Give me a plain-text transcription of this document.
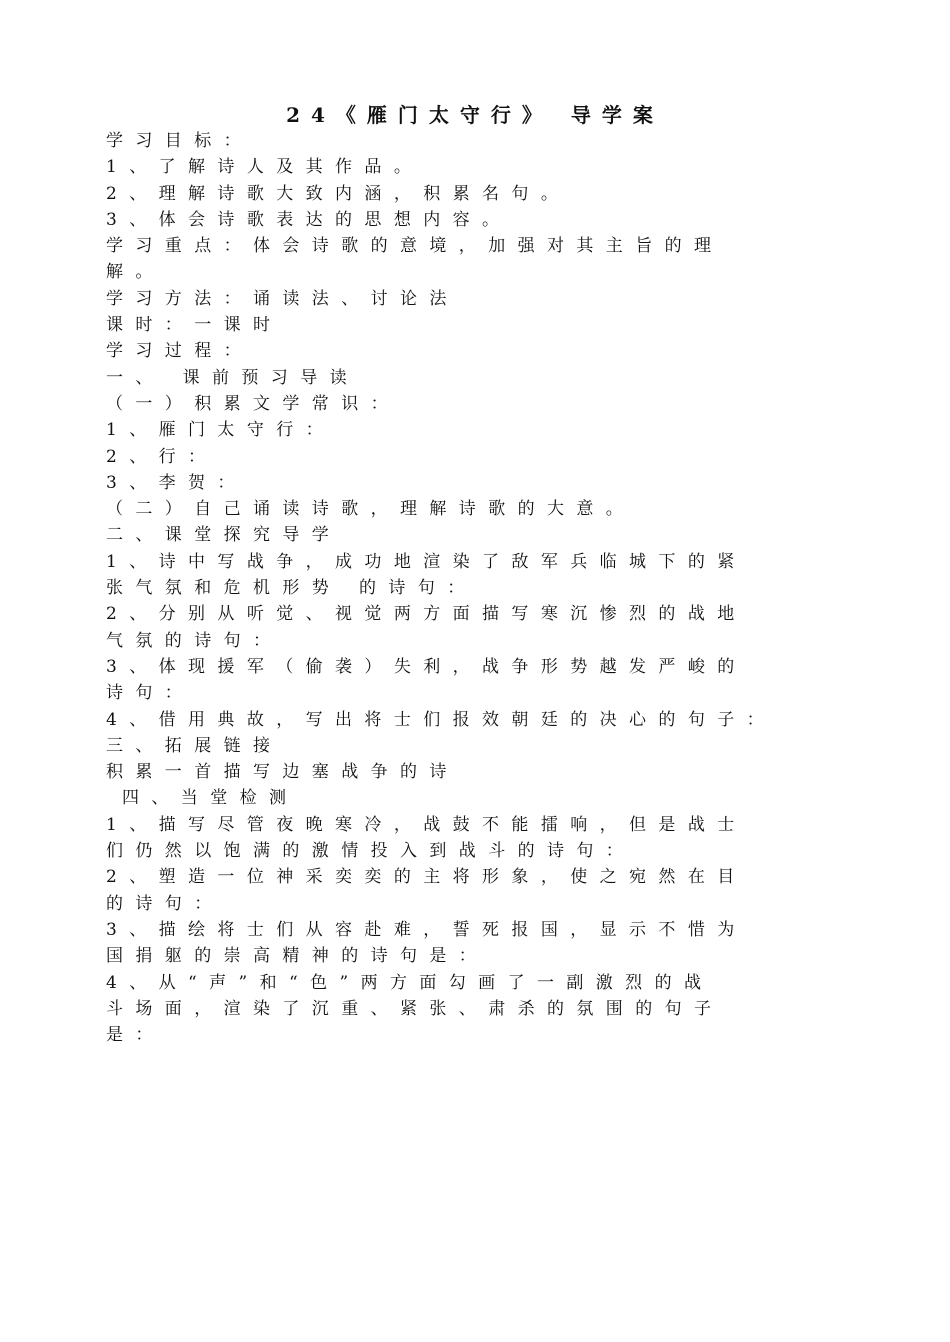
24《雁门太守行》 导学案
学习目标：
1、了解诗人及其作品。
2、理解诗歌大致内涵，积累名句。
3、体会诗歌表达的思想内容。
学习重点：体会诗歌的意境，加强对其主旨的理
解。
学习方法：诵读法、讨论法
课时：一课时
学习过程：
一、 课前预习导读
（一）积累文学常识：
1、雁门太守行：
2、行：
3、李贺：
（二）自己诵读诗歌，理解诗歌的大意。
二、课堂探究导学
1、诗中写战争，成功地渲染了敌军兵临城下的紧
张气氛和危机形势 的诗句：
2、分别从听觉、视觉两方面描写寒沉惨烈的战地
气氛的诗句：
3、体现援军（偷袭）失利，战争形势越发严峻的
诗句：
4、借用典故，写出将士们报效朝廷的决心的句子：
三、拓展链接
积累一首描写边塞战争的诗
四、当堂检测
1、描写尽管夜晚寒冷，战鼓不能擂响，但是战士
们仍然以饱满的激情投入到战斗的诗句：
2、塑造一位神采奕奕的主将形象，使之宛然在目
的诗句：
3、描绘将士们从容赴难，誓死报国，显示不惜为
国捐躯的崇高精神的诗句是：
4、从“声”和“色”两方面勾画了一副激烈的战
斗场面，渲染了沉重、紧张、肃杀的氛围的句子
是：
